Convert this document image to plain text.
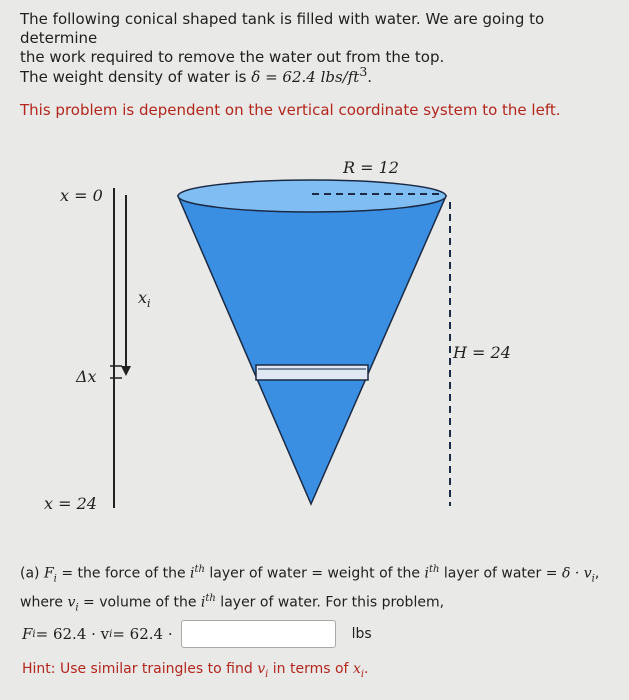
The following conical shaped tank is filled with water. We are going to determine

the work required to remove the water out from the top.

The weight density of water is δ = 62.4 lbs/$ft^3$.
This problem is dependent on the vertical coordinate system to the left.
x = 0
$x_i$
Δx
x = 24
R = 12
H = 24
(a) $F_i$ = the force of the $i^{th}$ layer of water = weight of the $i^{th}$ layer of water = $\delta \cdot v_i$,
where $v_i$ = volume of the $i^{th}$ layer of water. For this problem,
F i = 62.4 · v i = 62.4 ·	lbs
Hint: Use similar traingles to find $v_i$ in terms of $x_i$.
